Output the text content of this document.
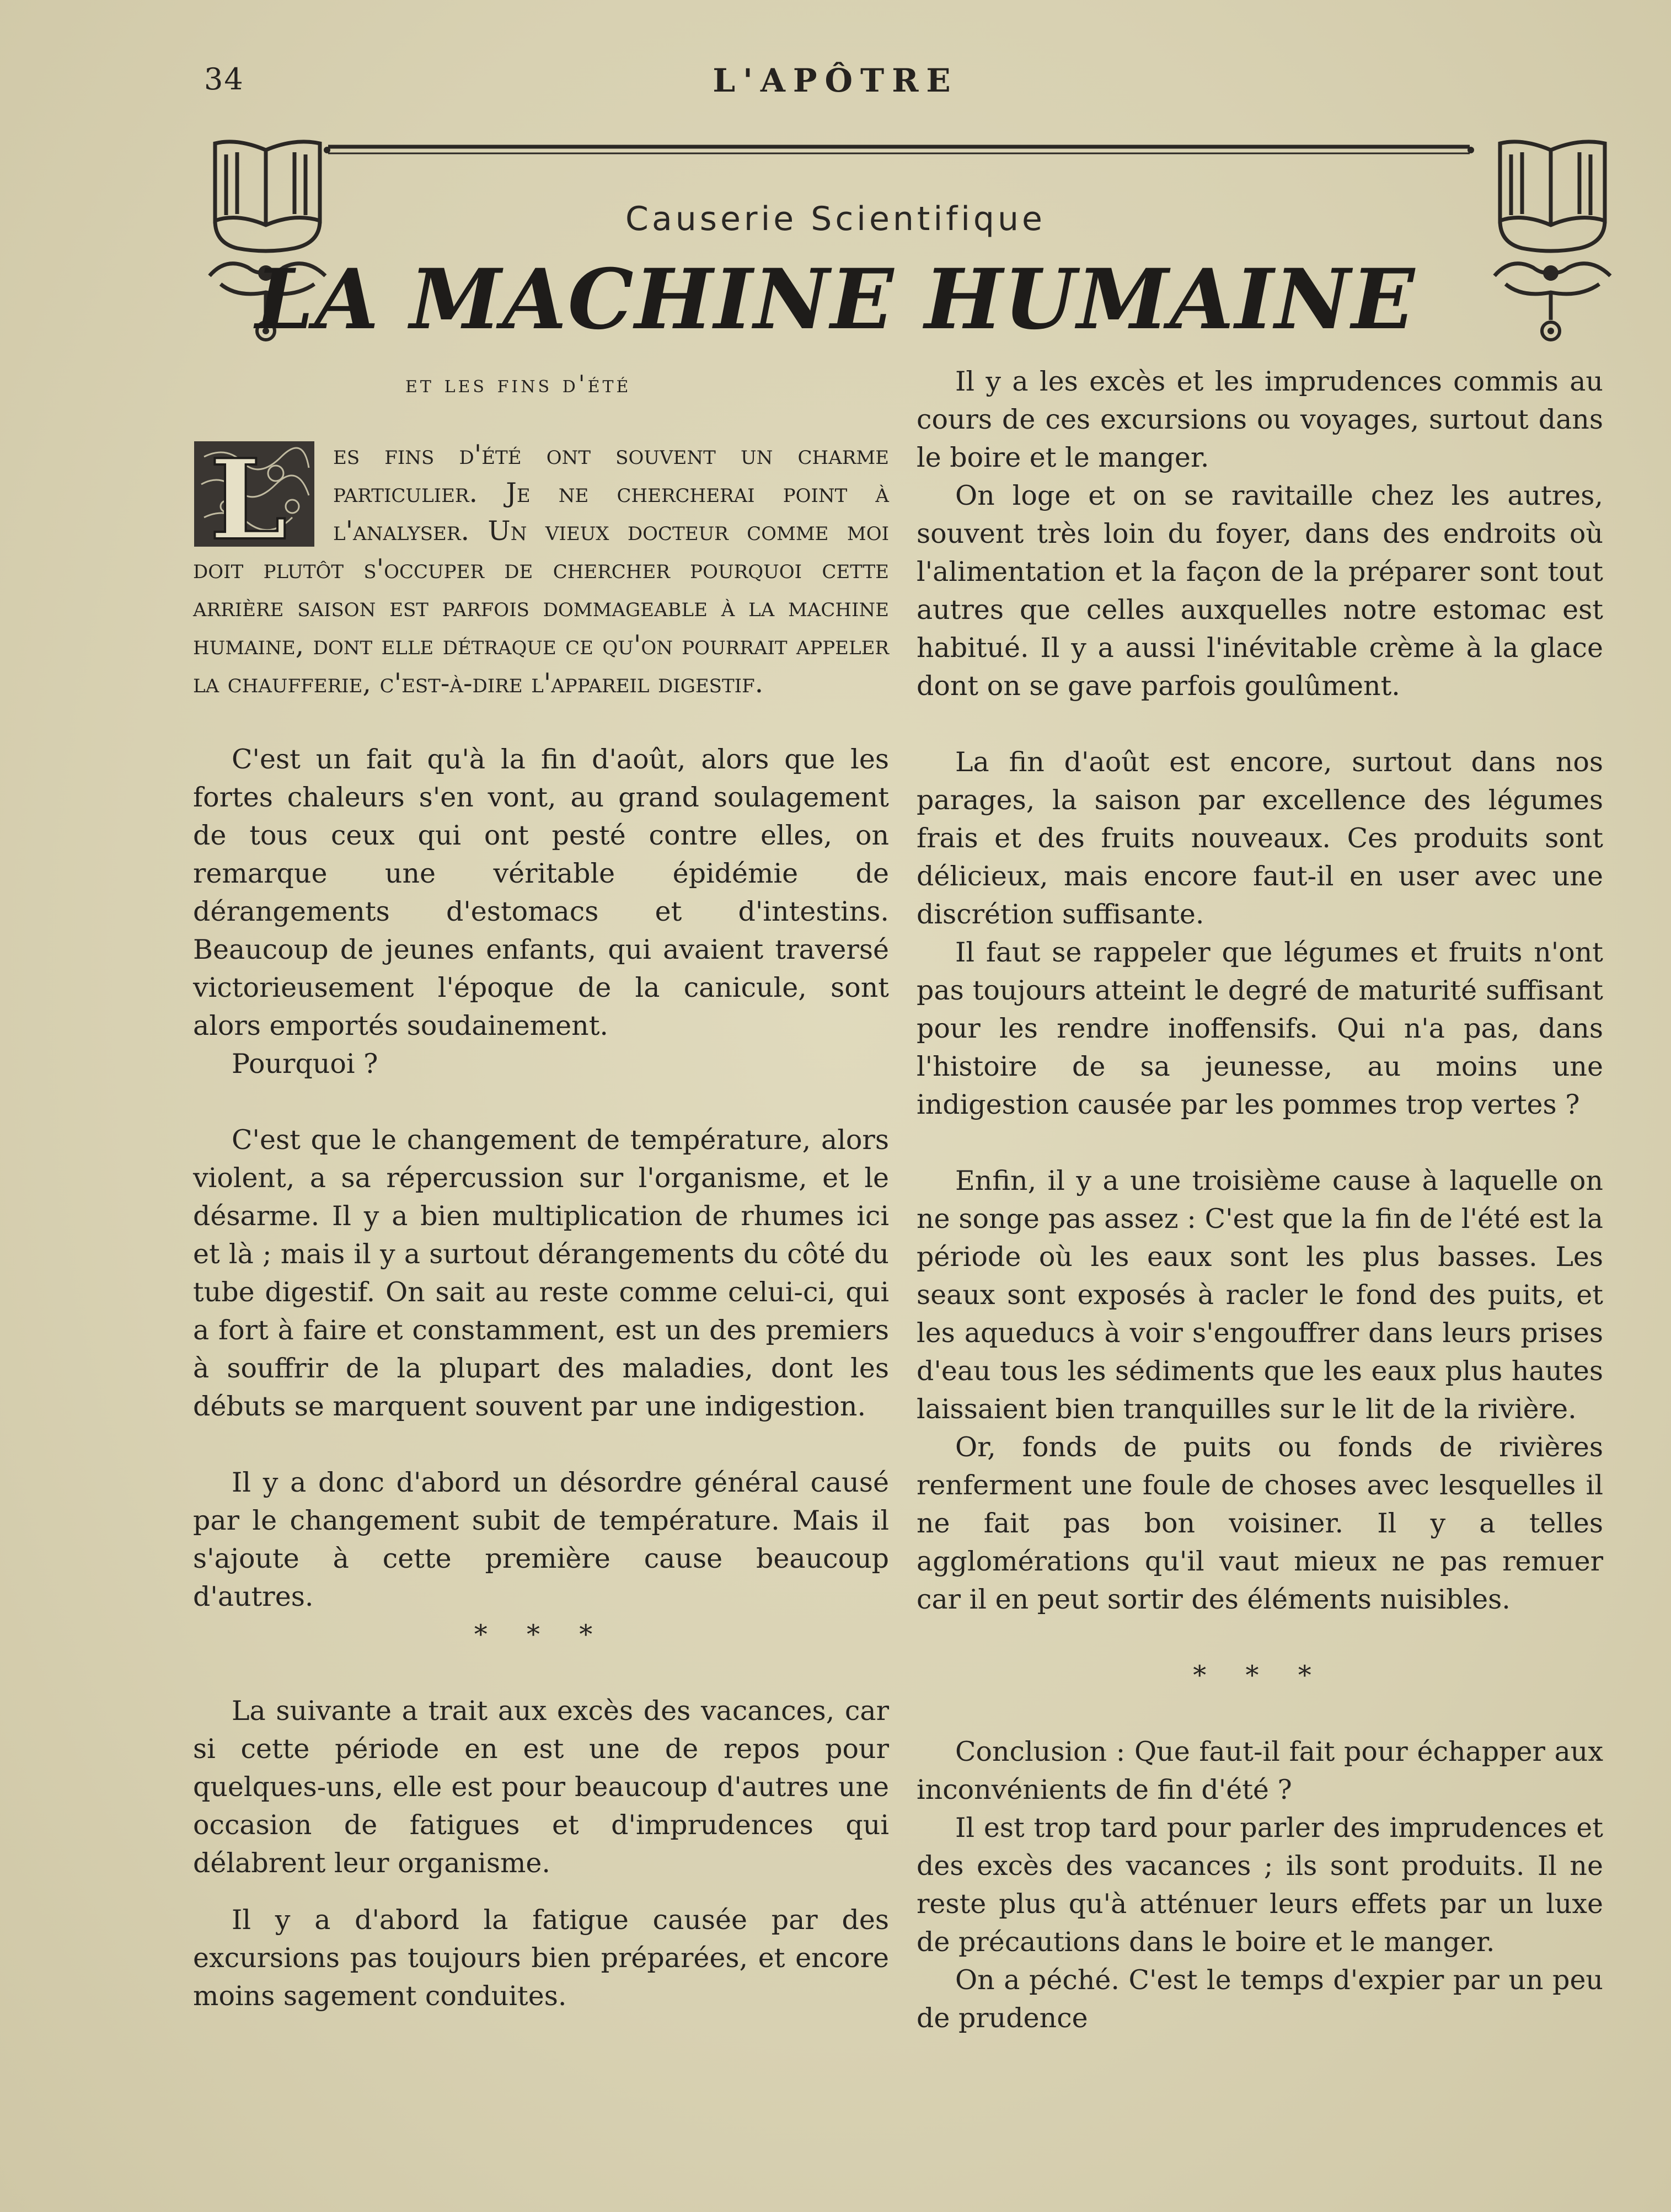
34	L'APÔTRE
Causerie Scientifique
LA MACHINE HUMAINE
et les fins d'été
L	es fins d'été ont souvent un charme particulier. Je ne chercherai point à l'analyser. Un vieux docteur comme moi doit plutôt s'occuper de chercher pourquoi cette arrière saison est parfois dommageable à la machine humaine, dont elle détraque ce qu'on pourrait appeler la chaufferie, c'est-à-dire l'appareil digestif.

C'est un fait qu'à la fin d'août, alors que les fortes chaleurs s'en vont, au grand soulagement de tous ceux qui ont pesté contre elles, on remarque une véritable épidémie de dérangements d'estomacs et d'intestins. Beaucoup de jeunes enfants, qui avaient traversé victorieusement l'époque de la canicule, sont alors emportés soudainement.

Pourquoi ?

C'est que le changement de température, alors violent, a sa répercussion sur l'organisme, et le désarme. Il y a bien multiplication de rhumes ici et là ; mais il y a surtout dérangements du côté du tube digestif. On sait au reste comme celui-ci, qui a fort à faire et constamment, est un des premiers à souffrir de la plupart des maladies, dont les débuts se marquent souvent par une indigestion.

Il y a donc d'abord un désordre général causé par le changement subit de température. Mais il s'ajoute à cette première cause beaucoup d'autres.

* * *

La suivante a trait aux excès des vacances, car si cette période en est une de repos pour quelques-uns, elle est pour beaucoup d'autres une occasion de fatigues et d'imprudences qui délabrent leur organisme.

Il y a d'abord la fatigue causée par des excursions pas toujours bien préparées, et encore moins sagement conduites.

Il y a les excès et les imprudences commis au cours de ces excursions ou voyages, surtout dans le boire et le manger.

On loge et on se ravitaille chez les autres, souvent très loin du foyer, dans des endroits où l'alimentation et la façon de la préparer sont tout autres que celles auxquelles notre estomac est habitué. Il y a aussi l'inévitable crème à la glace dont on se gave parfois goulûment.

La fin d'août est encore, surtout dans nos parages, la saison par excellence des légumes frais et des fruits nouveaux. Ces produits sont délicieux, mais encore faut-il en user avec une discrétion suffisante.

Il faut se rappeler que légumes et fruits n'ont pas toujours atteint le degré de maturité suffisant pour les rendre inoffensifs. Qui n'a pas, dans l'histoire de sa jeunesse, au moins une indigestion causée par les pommes trop vertes ?

Enfin, il y a une troisième cause à laquelle on ne songe pas assez : C'est que la fin de l'été est la période où les eaux sont les plus basses. Les seaux sont exposés à racler le fond des puits, et les aqueducs à voir s'engouffrer dans leurs prises d'eau tous les sédiments que les eaux plus hautes laissaient bien tranquilles sur le lit de la rivière.

Or, fonds de puits ou fonds de rivières renferment une foule de choses avec lesquelles il ne fait pas bon voisiner. Il y a telles agglomérations qu'il vaut mieux ne pas remuer car il en peut sortir des éléments nuisibles.

* * *

Conclusion : Que faut-il fait pour échapper aux inconvénients de fin d'été ?

Il est trop tard pour parler des imprudences et des excès des vacances ; ils sont produits. Il ne reste plus qu'à atténuer leurs effets par un luxe de précautions dans le boire et le manger.

On a péché. C'est le temps d'expier par un peu de prudence
